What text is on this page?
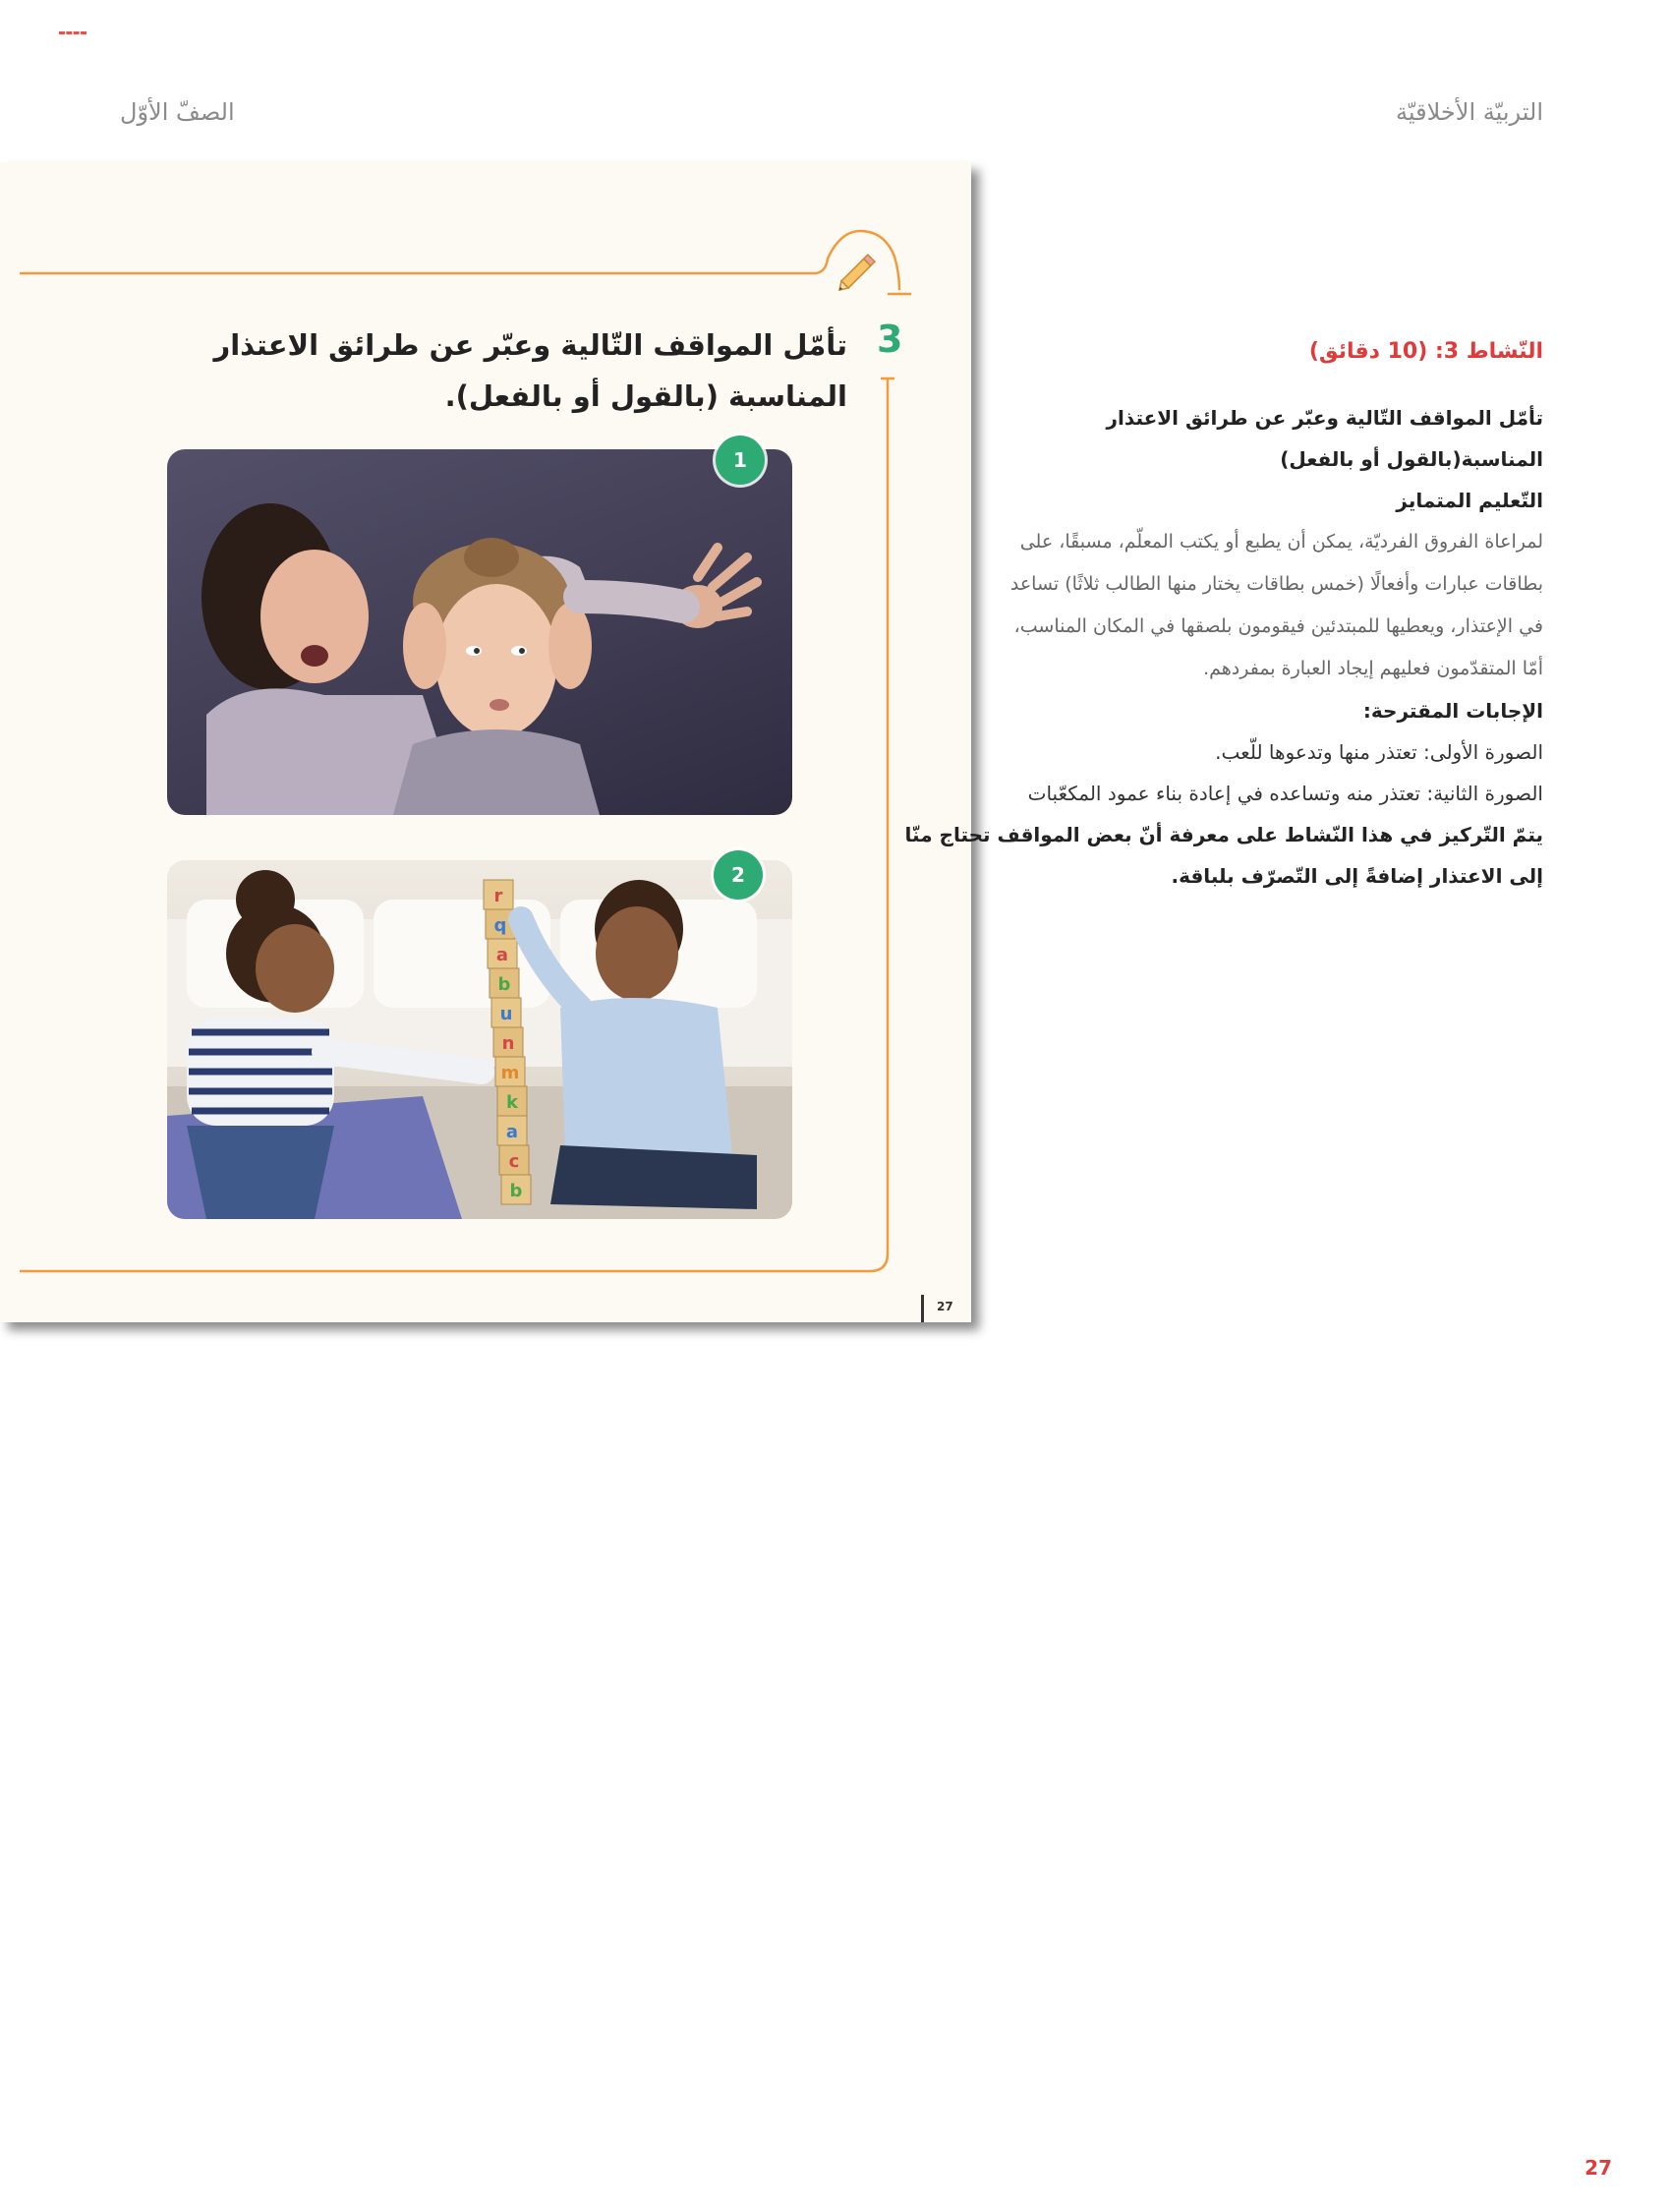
التربيّة الأخلاقيّة
الصفّ الأوّل
3
تأمّل المواقف التّالية وعبّر عن طرائق الاعتذار المناسبة (بالقول أو بالفعل).
1
r
q
a
b
u
n
m
k
a
c
b
2
27
النّشاط 3: (10 دقائق)
تأمّل المواقف التّالية وعبّر عن طرائق الاعتذار المناسبة(بالقول أو بالفعل)
التّعليم المتمايز
لمراعاة الفروق الفرديّة، يمكن أن يطبع أو يكتب المعلّم، مسبقًا، على بطاقات عبارات وأفعالًا (خمس بطاقات يختار منها الطالب ثلاثًا) تساعد في الإعتذار، ويعطيها للمبتدئين فيقومون بلصقها في المكان المناسب، أمّا المتقدّمون فعليهم إيجاد العبارة بمفردهم.
الإجابات المقترحة:
الصورة الأولى: تعتذر منها وتدعوها للّعب.
الصورة الثانية: تعتذر منه وتساعده في إعادة بناء عمود المكعّبات
يتمّ التّركيز في هذا النّشاط على معرفة أنّ بعض المواقف تحتاج منّا إلى الاعتذار إضافةً إلى التّصرّف بلباقة.
27
